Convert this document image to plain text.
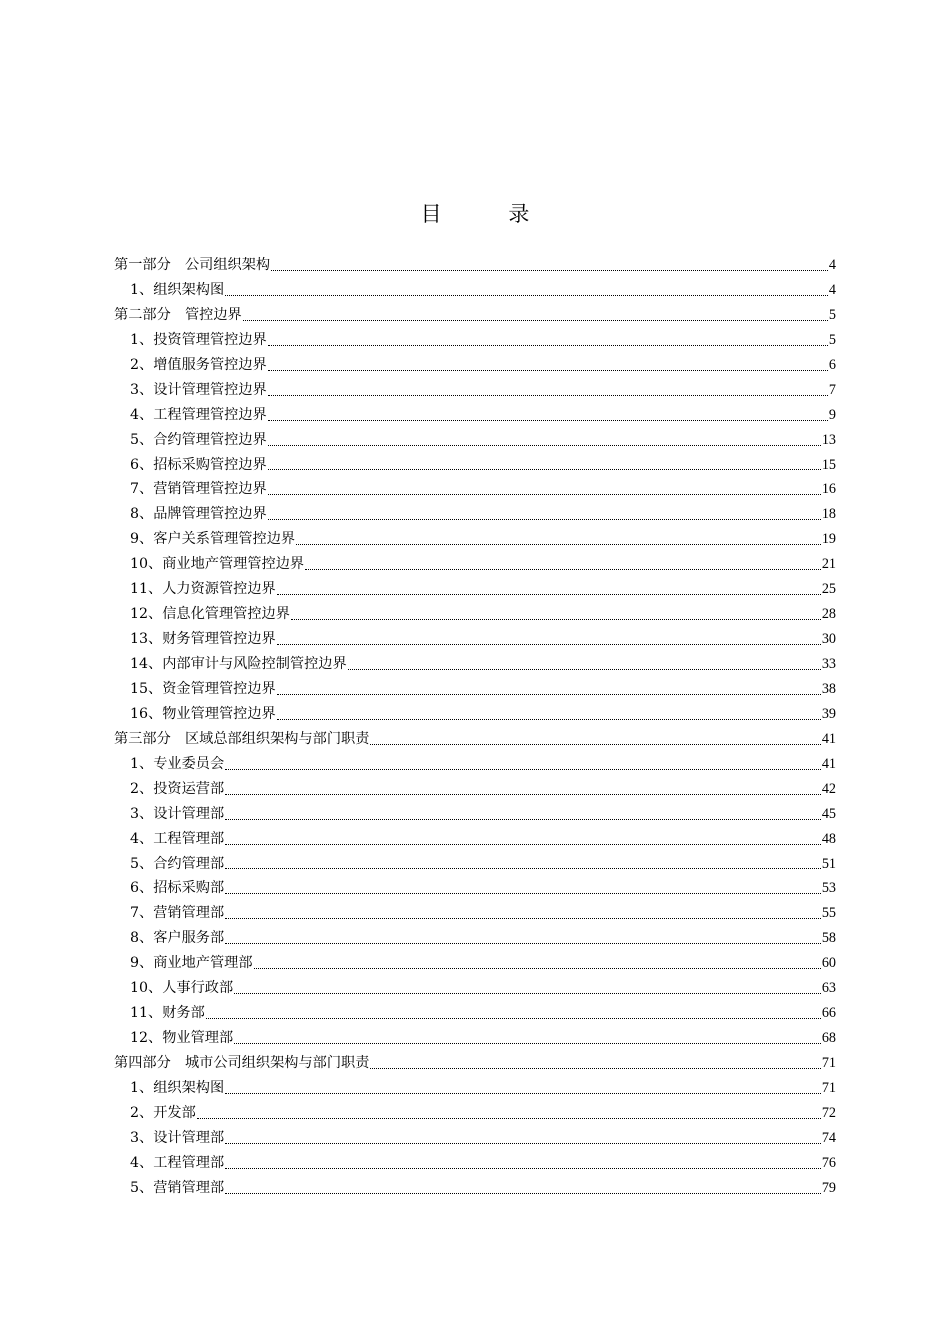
目 录
第一部分　公司组织架构	4
1、组织架构图	4
第二部分　管控边界	5
1、投资管理管控边界	5
2、增值服务管控边界	6
3、设计管理管控边界	7
4、工程管理管控边界	9
5、合约管理管控边界	13
6、招标采购管控边界	15
7、营销管理管控边界	16
8、品牌管理管控边界	18
9、客户关系管理管控边界	19
10、商业地产管理管控边界	21
11、人力资源管控边界	25
12、信息化管理管控边界	28
13、财务管理管控边界	30
14、内部审计与风险控制管控边界	33
15、资金管理管控边界	38
16、物业管理管控边界	39
第三部分　区域总部组织架构与部门职责	41
1、专业委员会	41
2、投资运营部	42
3、设计管理部	45
4、工程管理部	48
5、合约管理部	51
6、招标采购部	53
7、营销管理部	55
8、客户服务部	58
9、商业地产管理部	60
10、人事行政部	63
11、财务部	66
12、物业管理部	68
第四部分　城市公司组织架构与部门职责	71
1、组织架构图	71
2、开发部	72
3、设计管理部	74
4、工程管理部	76
5、营销管理部	79
